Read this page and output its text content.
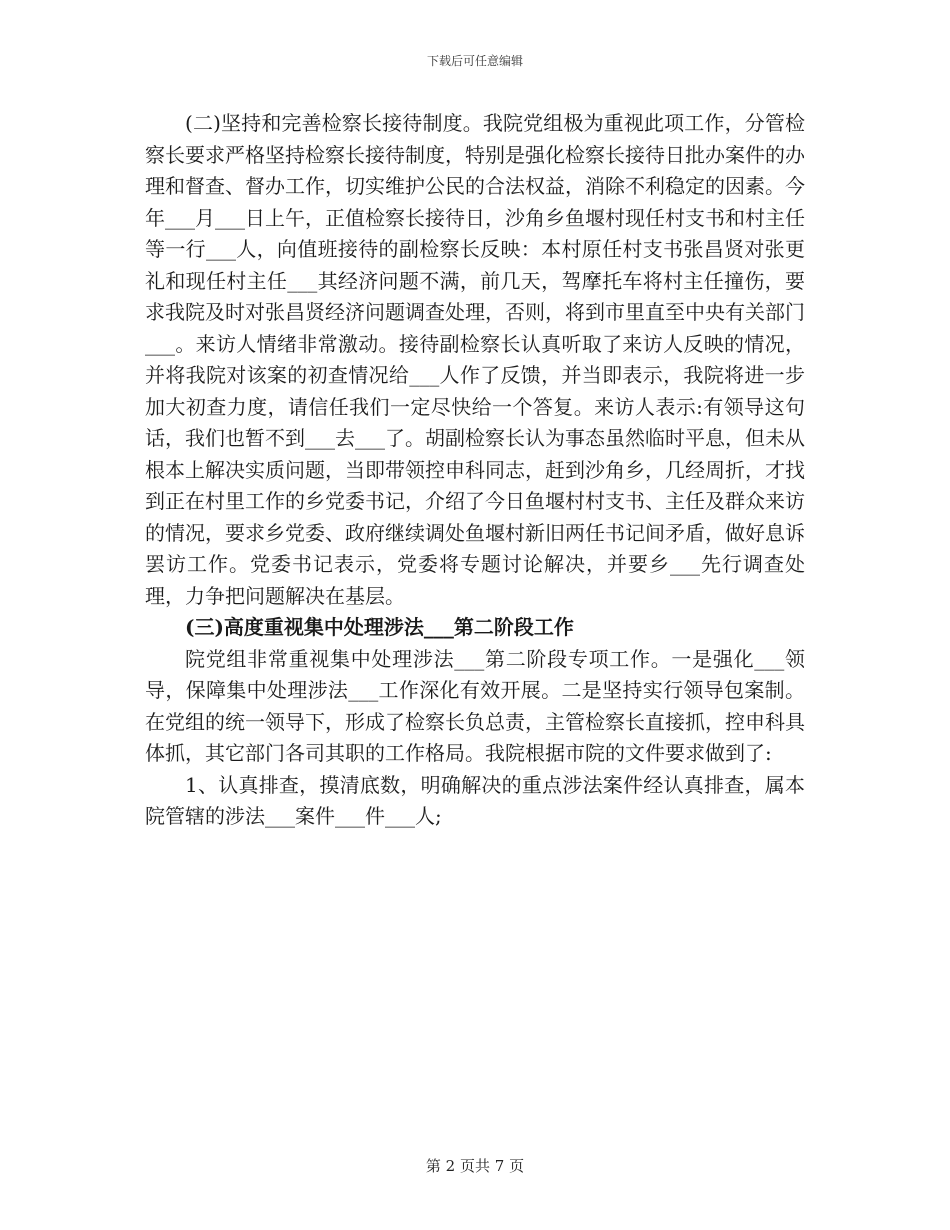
下载后可任意编辑

(二)坚持和完善检察长接待制度。我院党组极为重视此项工作，分管检察长要求严格坚持检察长接待制度，特别是强化检察长接待日批办案件的办理和督查、督办工作，切实维护公民的合法权益，消除不利稳定的因素。今年___月___日上午，正值检察长接待日，沙角乡鱼堰村现任村支书和村主任等一行___人，向值班接待的副检察长反映：本村原任村支书张昌贤对张更礼和现任村主任___其经济问题不满，前几天，驾摩托车将村主任撞伤，要求我院及时对张昌贤经济问题调查处理，否则，将到市里直至中央有关部门___。来访人情绪非常激动。接待副检察长认真听取了来访人反映的情况，并将我院对该案的初查情况给___人作了反馈，并当即表示，我院将进一步加大初查力度，请信任我们一定尽快给一个答复。来访人表示:有领导这句话，我们也暂不到___去___了。胡副检察长认为事态虽然临时平息，但未从根本上解决实质问题，当即带领控申科同志，赶到沙角乡，几经周折，才找到正在村里工作的乡党委书记，介绍了今日鱼堰村村支书、主任及群众来访的情况，要求乡党委、政府继续调处鱼堰村新旧两任书记间矛盾，做好息诉罢访工作。党委书记表示，党委将专题讨论解决，并要乡___先行调查处理，力争把问题解决在基层。

(三)高度重视集中处理涉法___第二阶段工作

院党组非常重视集中处理涉法___第二阶段专项工作。一是强化___领导，保障集中处理涉法___工作深化有效开展。二是坚持实行领导包案制。在党组的统一领导下，形成了检察长负总责，主管检察长直接抓，控申科具体抓，其它部门各司其职的工作格局。我院根据市院的文件要求做到了:

1、认真排查，摸清底数，明确解决的重点涉法案件经认真排查，属本院管辖的涉法___案件___件___人;

第 2 页共 7 页
